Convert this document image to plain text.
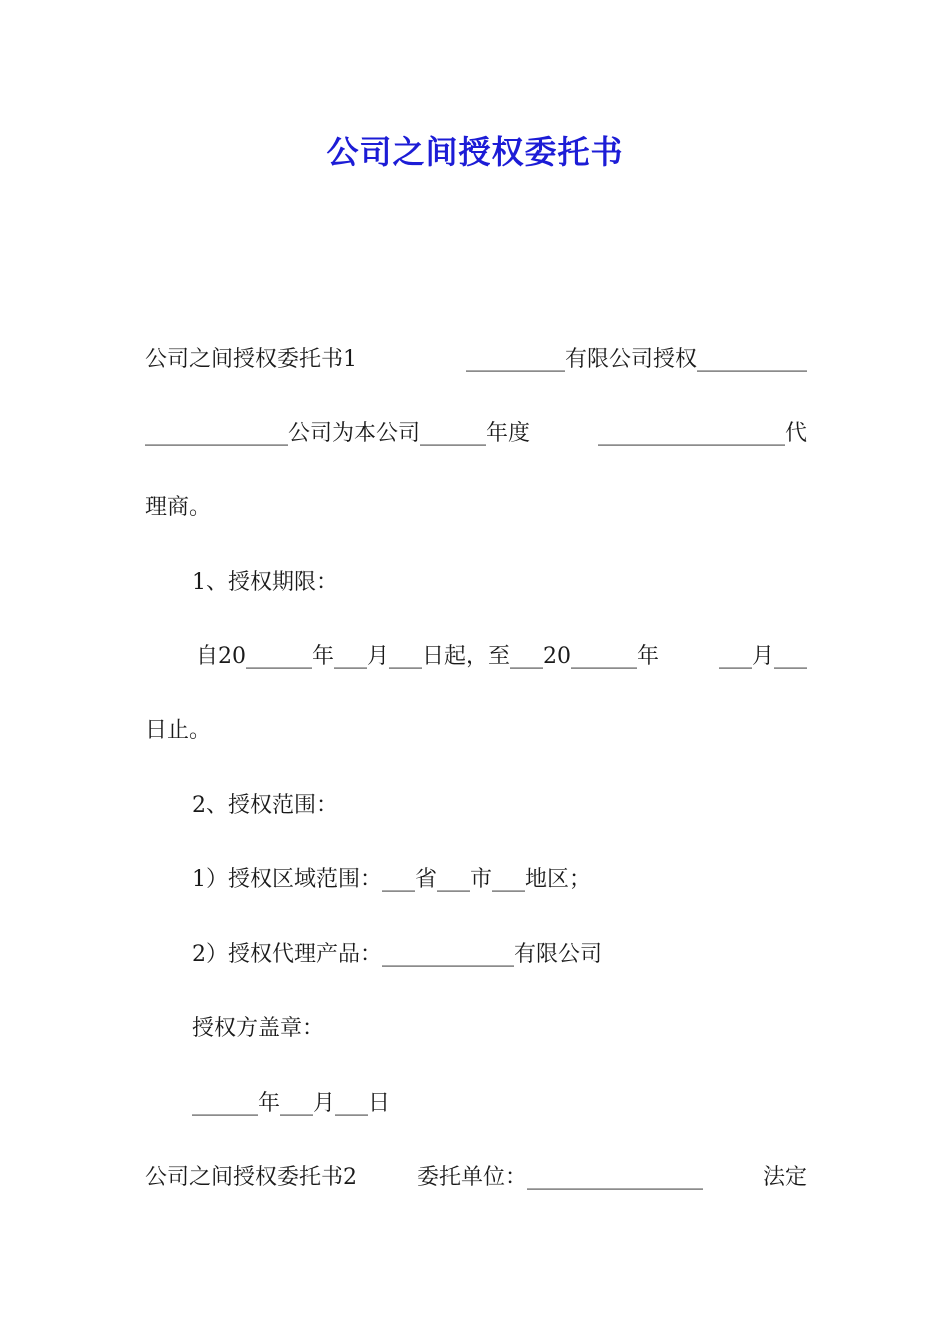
公司之间授权委托书
公司之间授权委托书1	_________有限公司授权__________
_____________公司为本公司______年度	_________________代
理商。
1、授权期限：
自20______年___月___日起，至___20______年	___月___
日止。
2、授权范围：
1）授权区域范围：___省___市___地区；
2）授权代理产品：____________有限公司
授权方盖章：
______年___月___日
公司之间授权委托书2	委托单位：________________	法定
